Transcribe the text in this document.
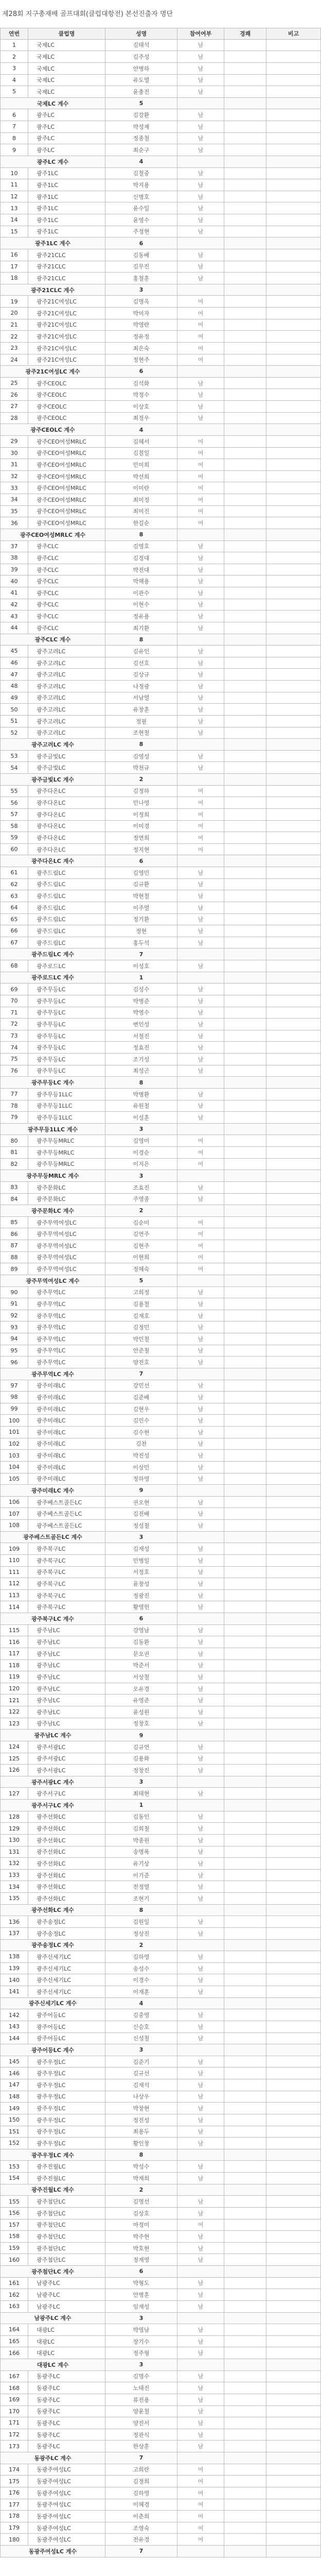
제28회 지구총재배 골프대회(클럽대항전) 본선진출자 명단
연번	클럽명	성명	참여여부	경쾌	비고
1	국제LC	김태석	남
2	국제LC	김주성	남
3	국제LC	안병하	남
4	국제LC	유도열	남
5	국제LC	윤충진	남
국제LC 계수	5
6	광주LC	김강환	남
7	광주LC	박성재	남
8	광주LC	정종철	남
9	광주LC	최순구	남
광주LC 계수	4
10	광주1LC	김철중	남
11	광주1LC	박지용	남
12	광주1LC	신병호	남
13	광주1LC	윤수일	남
14	광주1LC	윤영수	남
15	광주1LC	주정현	남
광주1LC 계수	6
16	광주21CLC	김동배	남
17	광주21CLC	김무진	남
18	광주21CLC	홍철훈	남
광주21CLC 계수	3
19	광주21C여성LC	김명옥	여
20	광주21C여성LC	박미자	여
21	광주21C여성LC	박영란	여
22	광주21C여성LC	정유정	여
23	광주21C여성LC	최은숙	여
24	광주21C여성LC	정현주	여
광주21C여성LC 계수	6
25	광주CEOLC	김석화	남
26	광주CEOLC	박정수	남
27	광주CEOLC	이상호	남
28	광주CEOLC	최정우	남
광주CEOLC 계수	4
29	광주CEO여성MRLC	김혜서	여
30	광주CEO여성MRLC	김칠일	여
31	광주CEO여성MRLC	민미희	여
32	광주CEO여성MRLC	박선희	여
33	광주CEO여성MRLC	이미란	여
34	광주CEO여성MRLC	최미정	여
35	광주CEO여성MRLC	최미진	여
36	광주CEO여성MRLC	한길순	여
광주CEO여성MRLC 계수	8
37	광주CLC	김영호	남
38	광주CLC	김정대	남
39	광주CLC	박진대	남
40	광주CLC	박해용	남
41	광주CLC	이관수	남
42	광주CLC	이현수	남
43	광주CLC	정유용	남
44	광주CLC	최기환	남
광주CLC 계수	8
45	광주고려LC	김유인	남
46	광주고려LC	김선호	남
47	광주고려LC	김상규	남
48	광주고려LC	나정광	남
49	광주고려LC	서남열	남
50	광주고려LC	유창훈	남
51	광주고려LC	정필	남
52	광주고려LC	조현철	남
광주고려LC 계수	8
53	광주금빛LC	김영성	남
54	광주금빛LC	박천규	남
광주금빛LC 계수	2
55	광주다온LC	김정하	여
56	광주다온LC	민나영	여
57	광주다온LC	이정희	여
58	광주다온LC	이미경	여
59	광주다온LC	정연희	여
60	광주다온LC	정지현	여
광주다온LC 계수	6
61	광주드림LC	김영민	남
62	광주드림LC	김규환	남
63	광주드림LC	박현철	남
64	광주드림LC	이주열	남
65	광주드림LC	정기환	남
66	광주드림LC	정현	남
67	광주드림LC	홍두석	남
광주드림LC 계수	7
68	광주로드LC	이성호	남
광주로드LC 계수	1
69	광주무등LC	김성수	남
70	광주무등LC	박병준	남
71	광주무등LC	박영수	남
72	광주무등LC	변인성	남
73	광주무등LC	서철진	남
74	광주무등LC	정효진	남
75	광주무등LC	조기성	남
76	광주무등LC	최성곤	남
광주무등LC 계수	8
77	광주무등1LLC	박병환	남
78	광주무등1LLC	유원철	남
79	광주무등1LLC	이성훈	남
광주무등1LLC 계수	3
80	광주무등MRLC	김영미	여
81	광주무등MRLC	이경순	여
82	광주무등MRLC	이지은	여
광주무등MRLC 계수	3
83	광주문화LC	조효진	남
84	광주문화LC	주영종	남
광주문화LC 계수	2
85	광주무역여성LC	김순미	여
86	광주무역여성LC	김연주	여
87	광주무역여성LC	김현주	여
88	광주무역여성LC	이현희	여
89	광주무역여성LC	정혜숙	여
광주무역여성LC 계수	5
90	광주무역LC	고희정	남
91	광주무역LC	김용철	남
92	광주무역LC	김재호	남
93	광주무역LC	김정민	남
94	광주무역LC	박민철	남
95	광주무역LC	안준철	남
96	광주무역LC	양진호	남
광주무역LC 계수	7
97	광주미래LC	강민선	남
98	광주미래LC	김준배	남
99	광주미래LC	김현우	남
100	광주미래LC	김민수	남
101	광주미래LC	김수현	남
102	광주미래LC	김찬	남
103	광주미래LC	박진성	남
104	광주미래LC	이상민	남
105	광주미래LC	정하영	남
광주미래LC 계수	9
106	광주베스트골든LC	권오현	남
107	광주베스트골든LC	김진배	남
108	광주베스트골든LC	정성철	남
광주베스트골든LC 계수	3
109	광주북구LC	김재성	남
110	광주북구LC	민병일	남
111	광주북구LC	서정호	남
112	광주북구LC	윤창성	남
113	광주북구LC	정광진	남
114	광주북구LC	황영헌	남
광주북구LC 계수	6
115	광주남LC	강영남	남
116	광주남LC	김동환	남
117	광주남LC	문오권	남
118	광주남LC	박준서	남
119	광주남LC	서상철	남
120	광주남LC	오유경	남
121	광주남LC	유영준	남
122	광주남LC	윤성원	남
123	광주남LC	정창호	남
광주남LC 계수	9
124	광주서광LC	김규연	남
125	광주서광LC	김용화	남
126	광주서광LC	정창진	남
광주서광LC 계수	3
127	광주서구LC	최태현	남
광주서구LC 계수	1
128	광주선화LC	김동인	남
129	광주선화LC	김희철	남
130	광주선화LC	박종원	남
131	광주선화LC	송명록	남
132	광주선화LC	유기상	남
133	광주선화LC	이기준	남
134	광주선화LC	전정열	남
135	광주선화LC	조현기	남
광주선화LC 계수	8
136	광주송정LC	김원일	남
137	광주송정LC	정상진	남
광주송정LC 계수	2
138	광주신세기LC	김하영	남
139	광주신세기LC	송성수	남
140	광주신세기LC	이경수	남
141	광주신세기LC	이재훈	남
광주신세기LC 계수	4
142	광주어등LC	김중영	남
143	광주어등LC	신승호	남
144	광주어등LC	신성철	남
광주어등LC 계수	3
145	광주우정LC	김준기	남
146	광주우정LC	김규선	남
147	광주우정LC	김재석	남
148	광주우정LC	나상우	남
149	광주우정LC	박창현	남
150	광주우정LC	정진성	남
151	광주우정LC	최용두	남
152	광주우정LC	황인창	남
광주우정LC 계수	8
153	광주진월LC	박성수	남
154	광주진월LC	박재희	남
광주진월LC 계수	2
155	광주첨단LC	김명선	남
156	광주첨단LC	김상호	남
157	광주첨단LC	마정미	여
158	광주첨단LC	박주현	남
159	광주첨단LC	박호현	남
160	광주첨단LC	정재영	남
광주첨단LC 계수	6
161	남광주LC	박형도	남
162	남광주LC	안병훈	남
163	남광주LC	임재성	남
남광주LC 계수	3
164	대광LC	박영남	남
165	대광LC	장기수	남
166	대광LC	정주형	남
대광LC 계수	3
167	동광주LC	김명수	남
168	동광주LC	노태진	남
169	동광주LC	류진용	남
170	동광주LC	양윤철	남
171	동광주LC	양진서	남
172	동광주LC	정관식	남
173	동광주LC	한상훈	남
동광주LC 계수	7
174	동광주여성LC	고희란	여
175	동광주여성LC	김정희	여
176	동광주여성LC	김하영	여
177	동광주여성LC	이혜경	여
178	동광주여성LC	이춘희	여
179	동광주여성LC	조영숙	여
180	동광주여성LC	전유경	여
동광주여성LC 계수	7
